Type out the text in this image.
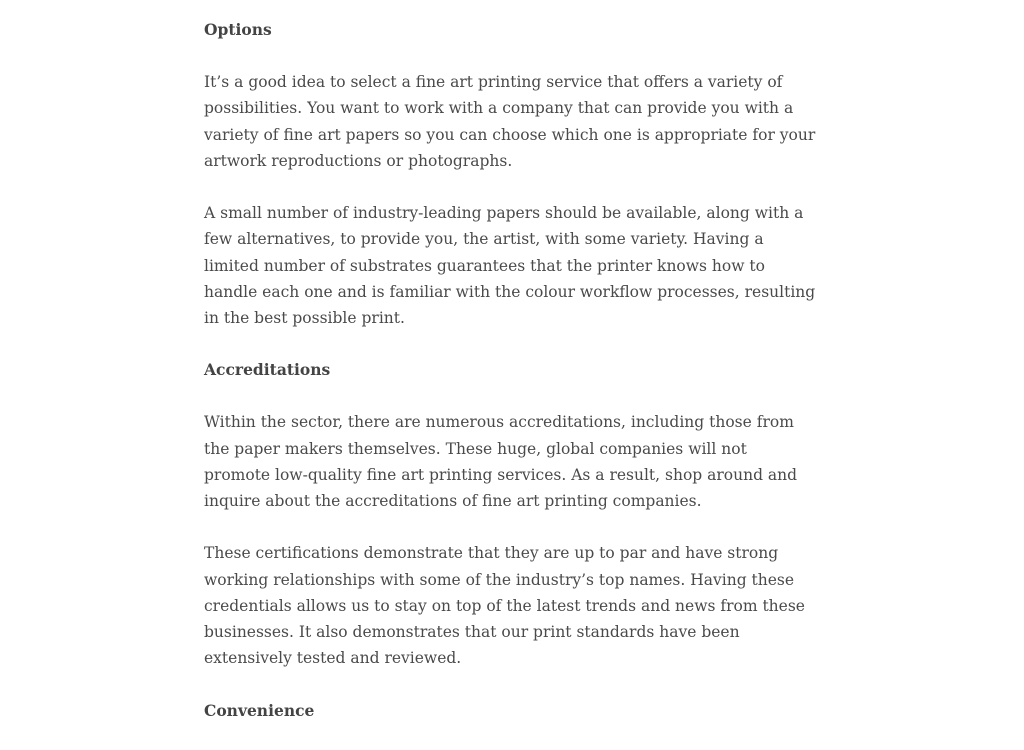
Options

It’s a good idea to select a fine art printing service that offers a variety of possibilities. You want to work with a company that can provide you with a variety of fine art papers so you can choose which one is appropriate for your artwork reproductions or photographs.

A small number of industry-leading papers should be available, along with a few alternatives, to provide you, the artist, with some variety. Having a limited number of substrates guarantees that the printer knows how to handle each one and is familiar with the colour workflow processes, resulting in the best possible print.

Accreditations

Within the sector, there are numerous accreditations, including those from the paper makers themselves. These huge, global companies will not promote low-quality fine art printing services. As a result, shop around and inquire about the accreditations of fine art printing companies.

These certifications demonstrate that they are up to par and have strong working relationships with some of the industry’s top names. Having these credentials allows us to stay on top of the latest trends and news from these businesses. It also demonstrates that our print standards have been extensively tested and reviewed.

Convenience
